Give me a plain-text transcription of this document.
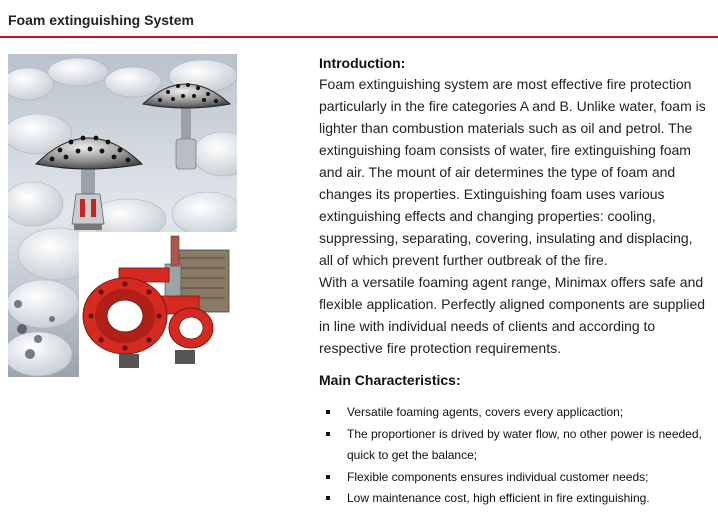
Foam extinguishing System
Introduction:

Foam extinguishing system are most effective fire protection particularly in the fire categories A and B. Unlike water, foam is lighter than combustion materials such as oil and petrol. The extinguishing foam consists of water, fire extinguishing foam and air. The mount of air determines the type of foam and changes its properties. Extinguishing foam uses various extinguishing effects and changing properties: cooling, suppressing, separating, covering, insulating and displacing, all of which prevent further outbreak of the fire.

With a versatile foaming agent range, Minimax offers safe and flexible application. Perfectly aligned components are supplied in line with individual needs of clients and according to respective fire protection requirements.

Main Characteristics:
Versatile foaming agents, covers every applicaction;
The proportioner is drived by water flow, no other power is needed, quick to get the balance;
Flexible components ensures individual customer needs;
Low maintenance cost, high efficient in fire extinguishing.
